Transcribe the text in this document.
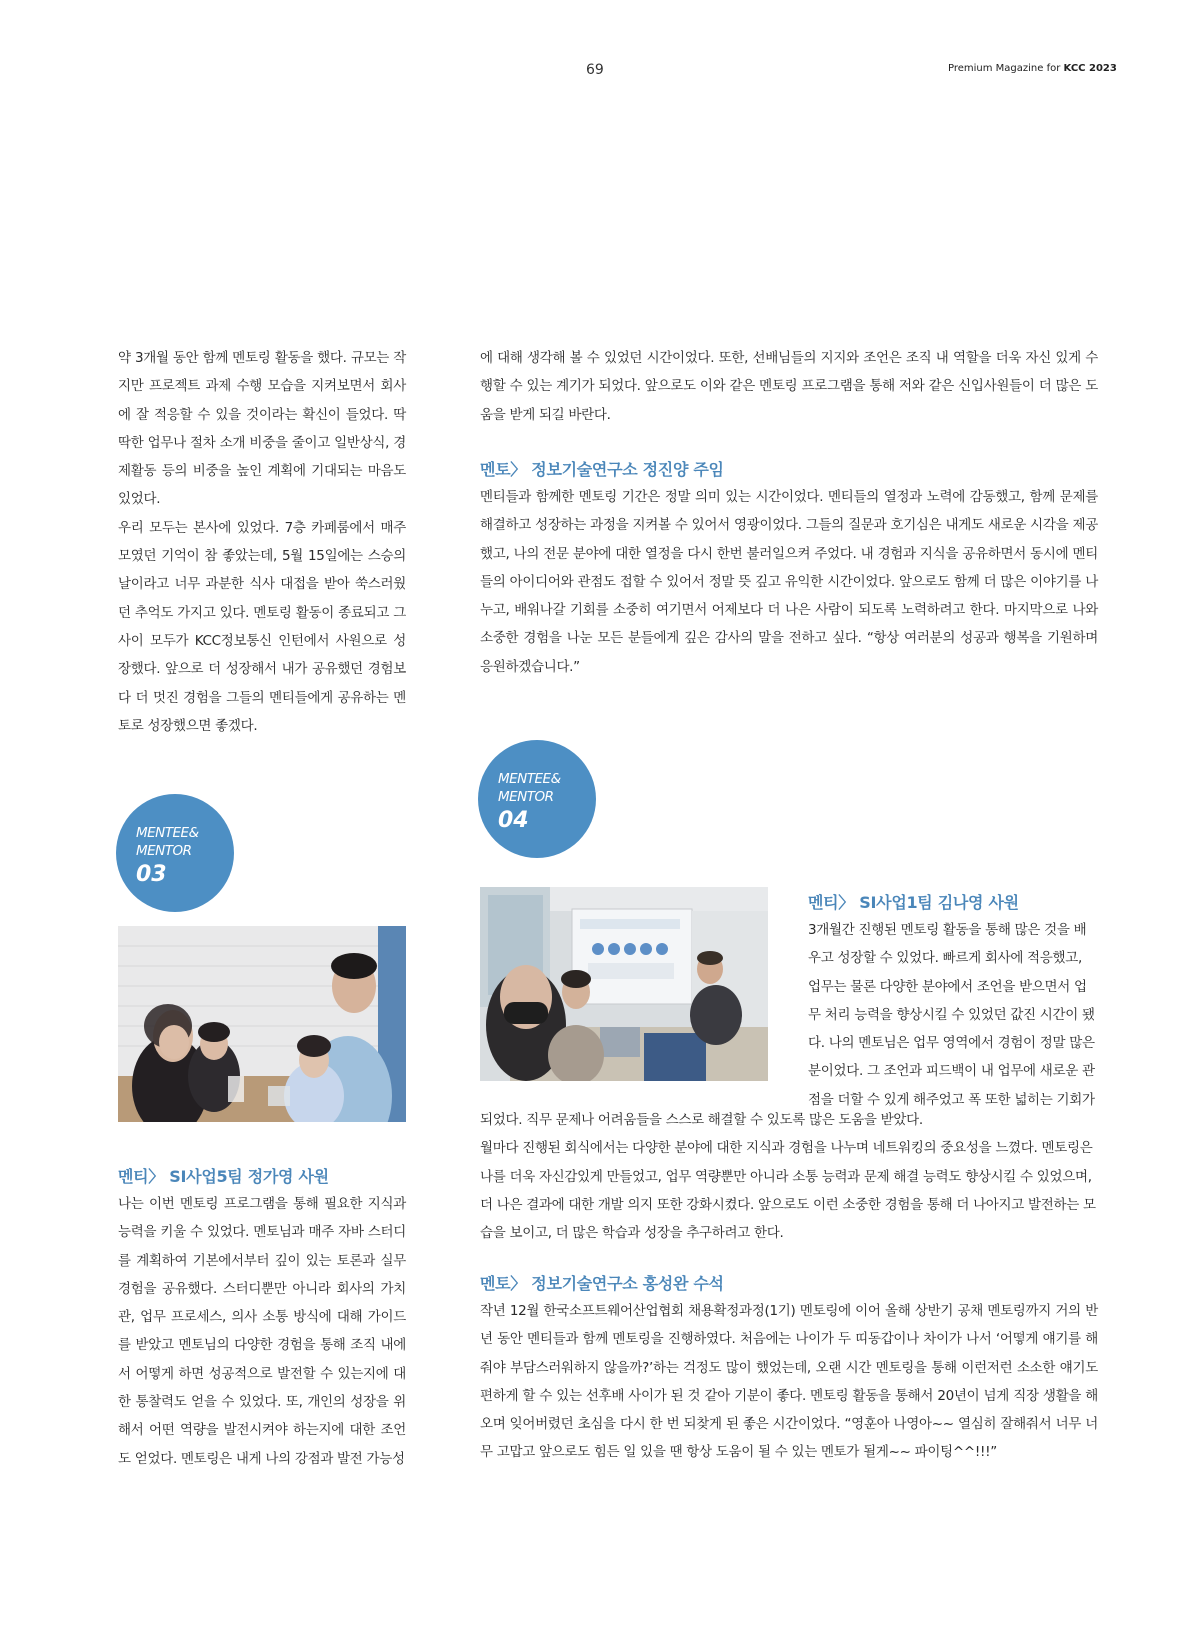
69	Premium Magazine for KCC 2023

약 3개월 동안 함께 멘토링 활동을 했다. 규모는 작지만 프로젝트 과제 수행 모습을 지켜보면서 회사에 잘 적응할 수 있을 것이라는 확신이 들었다. 딱딱한 업무나 절차 소개 비중을 줄이고 일반상식, 경제활동 등의 비중을 높인 계획에 기대되는 마음도 있었다.

우리 모두는 본사에 있었다. 7층 카페룸에서 매주 모였던 기억이 참 좋았는데, 5월 15일에는 스승의 날이라고 너무 과분한 식사 대접을 받아 쑥스러웠던 추억도 가지고 있다. 멘토링 활동이 종료되고 그 사이 모두가 KCC정보통신 인턴에서 사원으로 성장했다. 앞으로 더 성장해서 내가 공유했던 경험보다 더 멋진 경험을 그들의 멘티들에게 공유하는 멘토로 성장했으면 좋겠다.

에 대해 생각해 볼 수 있었던 시간이었다. 또한, 선배님들의 지지와 조언은 조직 내 역할을 더욱 자신 있게 수행할 수 있는 계기가 되었다. 앞으로도 이와 같은 멘토링 프로그램을 통해 저와 같은 신입사원들이 더 많은 도움을 받게 되길 바란다.

멘토〉 정보기술연구소 정진양 주임

멘티들과 함께한 멘토링 기간은 정말 의미 있는 시간이었다. 멘티들의 열정과 노력에 감동했고, 함께 문제를 해결하고 성장하는 과정을 지켜볼 수 있어서 영광이었다. 그들의 질문과 호기심은 내게도 새로운 시각을 제공했고, 나의 전문 분야에 대한 열정을 다시 한번 불러일으켜 주었다. 내 경험과 지식을 공유하면서 동시에 멘티들의 아이디어와 관점도 접할 수 있어서 정말 뜻 깊고 유익한 시간이었다. 앞으로도 함께 더 많은 이야기를 나누고, 배워나갈 기회를 소중히 여기면서 어제보다 더 나은 사람이 되도록 노력하려고 한다. 마지막으로 나와 소중한 경험을 나눈 모든 분들에게 깊은 감사의 말을 전하고 싶다. “항상 여러분의 성공과 행복을 기원하며 응원하겠습니다.”

MENTEE&
MENTOR
04
MENTEE&
MENTOR
03

멘티〉 SI사업1팀 김나영 사원

3개월간 진행된 멘토링 활동을 통해 많은 것을 배

우고 성장할 수 있었다. 빠르게 회사에 적응했고,

업무는 물론 다양한 분야에서 조언을 받으면서 업

무 처리 능력을 향상시킬 수 있었던 값진 시간이 됐

다. 나의 멘토님은 업무 영역에서 경험이 정말 많은

분이었다. 그 조언과 피드백이 내 업무에 새로운 관

점을 더할 수 있게 해주었고 폭 또한 넓히는 기회가

되었다. 직무 문제나 어려움들을 스스로 해결할 수 있도록 많은 도움을 받았다.

월마다 진행된 회식에서는 다양한 분야에 대한 지식과 경험을 나누며 네트워킹의 중요성을 느꼈다. 멘토링은

나를 더욱 자신감있게 만들었고, 업무 역량뿐만 아니라 소통 능력과 문제 해결 능력도 향상시킬 수 있었으며,

더 나은 결과에 대한 개발 의지 또한 강화시켰다. 앞으로도 이런 소중한 경험을 통해 더 나아지고 발전하는 모

습을 보이고, 더 많은 학습과 성장을 추구하려고 한다.

멘티〉 SI사업5팀 정가영 사원

나는 이번 멘토링 프로그램을 통해 필요한 지식과 능력을 키울 수 있었다. 멘토님과 매주 자바 스터디를 계획하여 기본에서부터 깊이 있는 토론과 실무 경험을 공유했다. 스터디뿐만 아니라 회사의 가치관, 업무 프로세스, 의사 소통 방식에 대해 가이드를 받았고 멘토님의 다양한 경험을 통해 조직 내에서 어떻게 하면 성공적으로 발전할 수 있는지에 대한 통찰력도 얻을 수 있었다. 또, 개인의 성장을 위해서 어떤 역량을 발전시켜야 하는지에 대한 조언도 얻었다. 멘토링은 내게 나의 강점과 발전 가능성

멘토〉 정보기술연구소 홍성완 수석

작년 12월 한국소프트웨어산업협회 채용확정과정(1기) 멘토링에 이어 올해 상반기 공채 멘토링까지 거의 반년 동안 멘티들과 함께 멘토링을 진행하였다. 처음에는 나이가 두 띠동갑이나 차이가 나서 ‘어떻게 얘기를 해줘야 부담스러워하지 않을까?’하는 걱정도 많이 했었는데, 오랜 시간 멘토링을 통해 이런저런 소소한 얘기도 편하게 할 수 있는 선후배 사이가 된 것 같아 기분이 좋다. 멘토링 활동을 통해서 20년이 넘게 직장 생활을 해오며 잊어버렸던 초심을 다시 한 번 되찾게 된 좋은 시간이었다. “영훈아 나영아~~ 열심히 잘해줘서 너무 너무 고맙고 앞으로도 힘든 일 있을 땐 항상 도움이 될 수 있는 멘토가 될게~~ 파이팅^^!!!”
